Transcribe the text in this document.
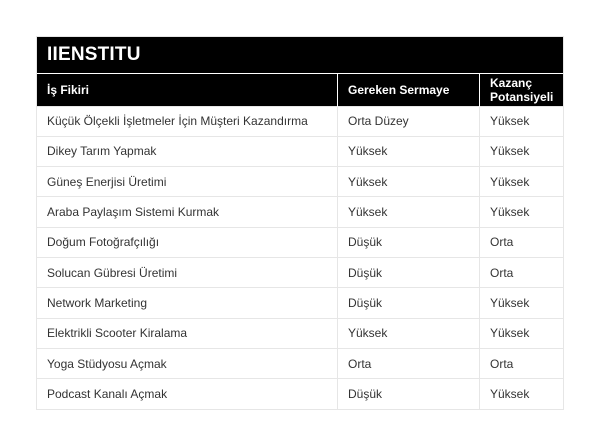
IIENSTITU
İş Fikiri	Gereken Sermaye	Kazanç Potansiyeli
Küçük Ölçekli İşletmeler İçin Müşteri Kazandırma	Orta Düzey	Yüksek
Dikey Tarım Yapmak	Yüksek	Yüksek
Güneş Enerjisi Üretimi	Yüksek	Yüksek
Araba Paylaşım Sistemi Kurmak	Yüksek	Yüksek
Doğum Fotoğrafçılığı	Düşük	Orta
Solucan Gübresi Üretimi	Düşük	Orta
Network Marketing	Düşük	Yüksek
Elektrikli Scooter Kiralama	Yüksek	Yüksek
Yoga Stüdyosu Açmak	Orta	Orta
Podcast Kanalı Açmak	Düşük	Yüksek
